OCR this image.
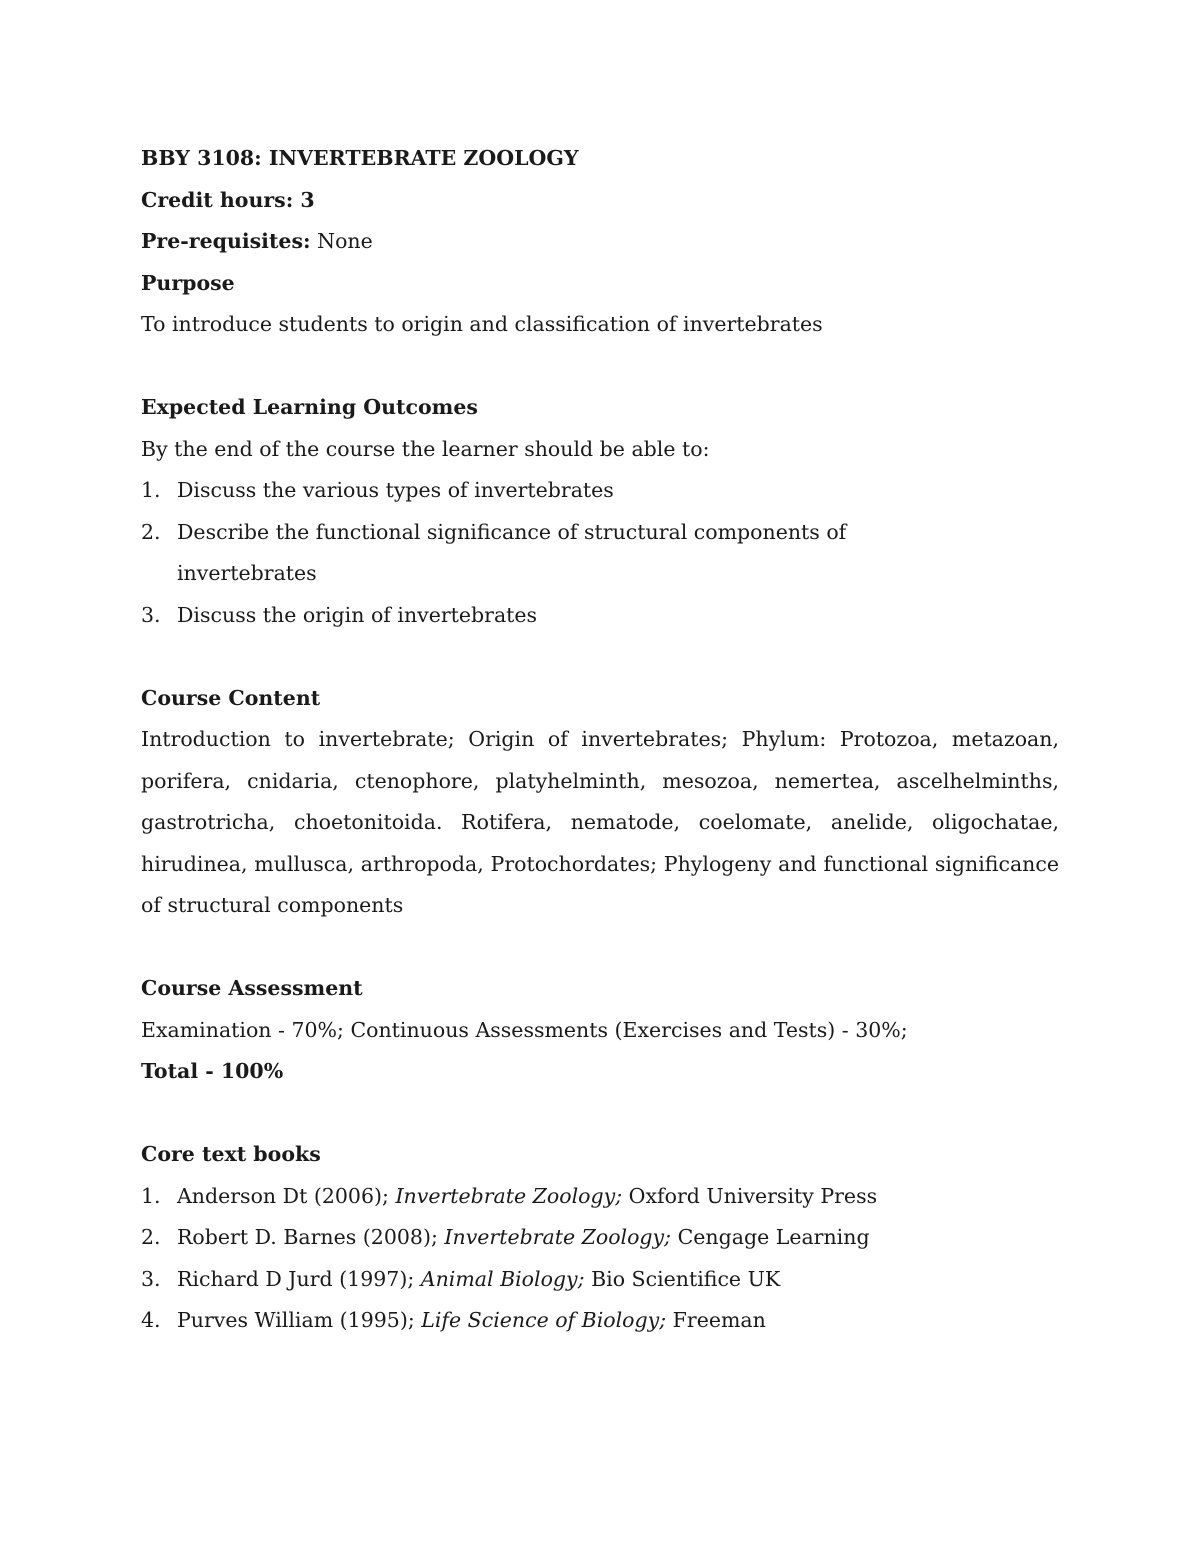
BBY 3108: INVERTEBRATE ZOOLOGY
Credit hours: 3
Pre-requisites: None
Purpose
To introduce students to origin and classification of invertebrates
Expected Learning Outcomes
By the end of the course the learner should be able to:
1. Discuss the various types of invertebrates
2. Describe the functional significance of structural components of invertebrates
3. Discuss the origin of invertebrates
Course Content
Introduction to invertebrate; Origin of invertebrates; Phylum: Protozoa, metazoan, porifera, cnidaria, ctenophore, platyhelminth, mesozoa, nemertea, ascelhelminths, gastrotricha, choetonitoida. Rotifera, nematode, coelomate, anelide, oligochatae, hirudinea, mullusca, arthropoda, Protochordates; Phylogeny and functional significance of structural components
Course Assessment
Examination - 70%; Continuous Assessments (Exercises and Tests) - 30%;
Total - 100%
Core text books
1. Anderson Dt (2006); Invertebrate Zoology; Oxford University Press
2. Robert D. Barnes (2008); Invertebrate Zoology; Cengage Learning
3. Richard D Jurd (1997); Animal Biology; Bio Scientifice UK
4. Purves William (1995); Life Science of Biology; Freeman
